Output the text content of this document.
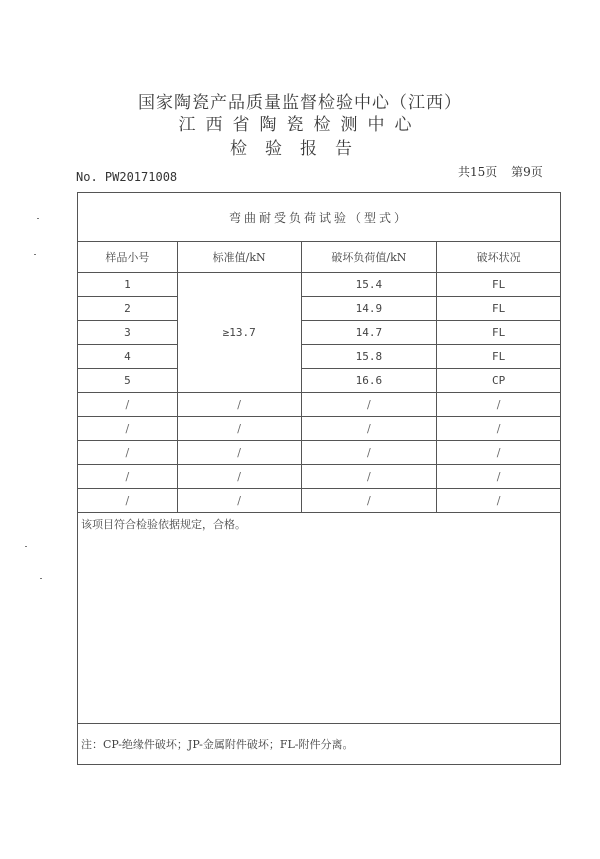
国家陶瓷产品质量监督检验中心（江西）
江西省陶瓷检测中心
检验报告
No. PW20171008	共15页 第9页
弯曲耐受负荷试验（型式）			
样品小号	标准值/kN	破坏负荷值/kN	破坏状况
1	≥13.7	15.4	FL
2		14.9	FL
3		14.7	FL
4		15.8	FL
5		16.6	CP
/	/	/	/
/	/	/	/
/	/	/	/
/	/	/	/
/	/	/	/
该项目符合检验依据规定，合格。			
注：CP-绝缘件破坏；JP-金属附件破坏；FL-附件分离。			
